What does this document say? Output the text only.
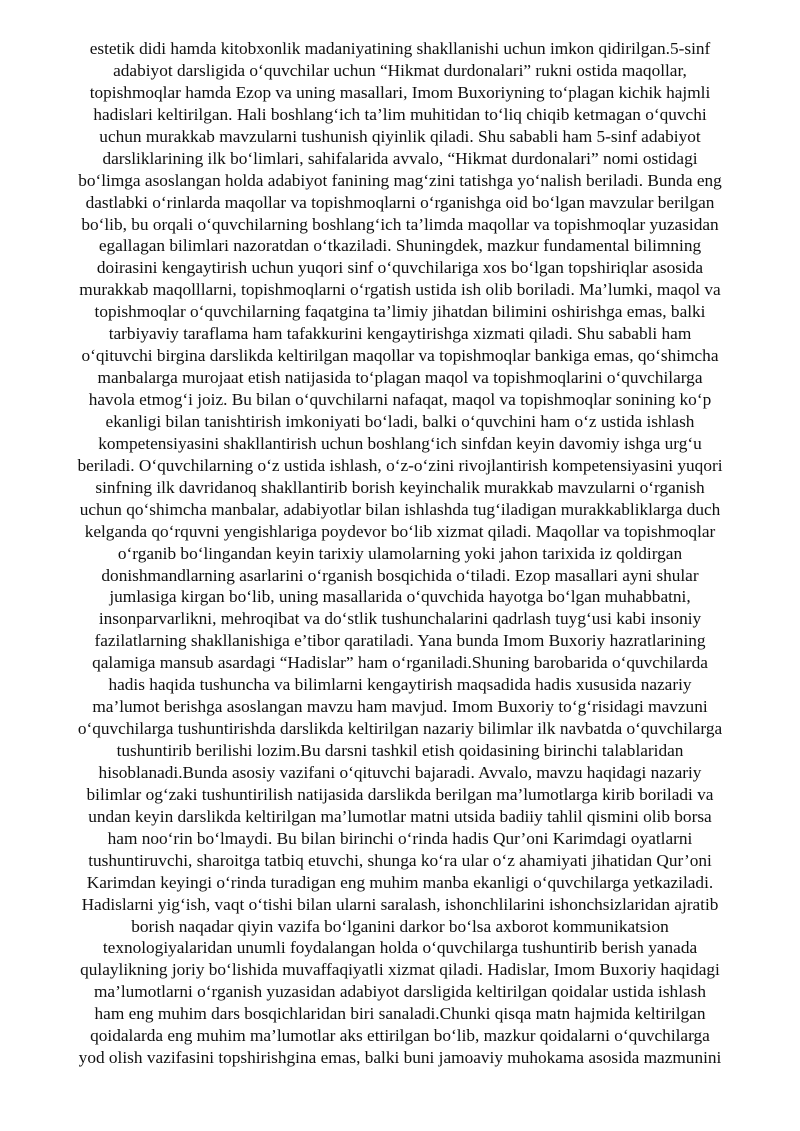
estetik didi hamda kitobxonlik madaniyatining shakllanishi uchun imkon qidirilgan.5-sinf

adabiyot darsligida o‘quvchilar uchun “Hikmat durdonalari” rukni ostida maqollar,

topishmoqlar hamda Ezop va uning masallari, Imom Buxoriyning to‘plagan kichik hajmli

hadislari keltirilgan. Hali boshlang‘ich ta’lim muhitidan to‘liq chiqib ketmagan o‘quvchi

uchun murakkab mavzularni tushunish qiyinlik qiladi. Shu sababli ham 5-sinf adabiyot

darsliklarining ilk bo‘limlari, sahifalarida avvalo, “Hikmat durdonalari” nomi ostidagi

bo‘limga asoslangan holda adabiyot fanining mag‘zini tatishga yo‘nalish beriladi. Bunda eng

dastlabki o‘rinlarda maqollar va topishmoqlarni o‘rganishga oid bo‘lgan mavzular berilgan

bo‘lib, bu orqali o‘quvchilarning boshlang‘ich ta’limda maqollar va topishmoqlar yuzasidan

egallagan bilimlari nazoratdan o‘tkaziladi. Shuningdek, mazkur fundamental bilimning

doirasini kengaytirish uchun yuqori sinf o‘quvchilariga xos bo‘lgan topshiriqlar asosida

murakkab maqolllarni, topishmoqlarni o‘rgatish ustida ish olib boriladi. Ma’lumki, maqol va

topishmoqlar o‘quvchilarning faqatgina ta’limiy jihatdan bilimini oshirishga emas, balki

tarbiyaviy taraflama ham tafakkurini kengaytirishga xizmati qiladi. Shu sababli ham

o‘qituvchi birgina darslikda keltirilgan maqollar va topishmoqlar bankiga emas, qo‘shimcha

manbalarga murojaat etish natijasida to‘plagan maqol va topishmoqlarini o‘quvchilarga

havola etmog‘i joiz. Bu bilan o‘quvchilarni nafaqat, maqol va topishmoqlar sonining ko‘p

ekanligi bilan tanishtirish imkoniyati bo‘ladi, balki o‘quvchini ham o‘z ustida ishlash

kompetensiyasini shakllantirish uchun boshlang‘ich sinfdan keyin davomiy ishga urg‘u

beriladi. O‘quvchilarning o‘z ustida ishlash, o‘z-o‘zini rivojlantirish kompetensiyasini yuqori

sinfning ilk davridanoq shakllantirib borish keyinchalik murakkab mavzularni o‘rganish

uchun qo‘shimcha manbalar, adabiyotlar bilan ishlashda tug‘iladigan murakkabliklarga duch

kelganda qo‘rquvni yengishlariga poydevor bo‘lib xizmat qiladi. Maqollar va topishmoqlar

o‘rganib bo‘lingandan keyin tarixiy ulamolarning yoki jahon tarixida iz qoldirgan

donishmandlarning asarlarini o‘rganish bosqichida o‘tiladi. Ezop masallari ayni shular

jumlasiga kirgan bo‘lib, uning masallarida o‘quvchida hayotga bo‘lgan muhabbatni,

insonparvarlikni, mehroqibat va do‘stlik tushunchalarini qadrlash tuyg‘usi kabi insoniy

fazilatlarning shakllanishiga e’tibor qaratiladi. Yana bunda Imom Buxoriy hazratlarining

qalamiga mansub asardagi “Hadislar” ham o‘rganiladi.Shuning barobarida o‘quvchilarda

hadis haqida tushuncha va bilimlarni kengaytirish maqsadida hadis xususida nazariy

ma’lumot berishga asoslangan mavzu ham mavjud. Imom Buxoriy to‘g‘risidagi mavzuni

o‘quvchilarga tushuntirishda darslikda keltirilgan nazariy bilimlar ilk navbatda o‘quvchilarga

tushuntirib berilishi lozim.Bu darsni tashkil etish qoidasining birinchi talablaridan

hisoblanadi.Bunda asosiy vazifani o‘qituvchi bajaradi. Avvalo, mavzu haqidagi nazariy

bilimlar og‘zaki tushuntirilish natijasida darslikda berilgan ma’lumotlarga kirib boriladi va

undan keyin darslikda keltirilgan ma’lumotlar matni utsida badiiy tahlil qismini olib borsa

ham noo‘rin bo‘lmaydi. Bu bilan birinchi o‘rinda hadis Qur’oni Karimdagi oyatlarni

tushuntiruvchi, sharoitga tatbiq etuvchi, shunga ko‘ra ular o‘z ahamiyati jihatidan Qur’oni

Karimdan keyingi o‘rinda turadigan eng muhim manba ekanligi o‘quvchilarga yetkaziladi.

Hadislarni yig‘ish, vaqt o‘tishi bilan ularni saralash, ishonchlilarini ishonchsizlaridan ajratib

borish naqadar qiyin vazifa bo‘lganini darkor bo‘lsa axborot kommunikatsion

texnologiyalaridan unumli foydalangan holda o‘quvchilarga tushuntirib berish yanada

qulaylikning joriy bo‘lishida muvaffaqiyatli xizmat qiladi. Hadislar, Imom Buxoriy haqidagi

ma’lumotlarni o‘rganish yuzasidan adabiyot darsligida keltirilgan qoidalar ustida ishlash

ham eng muhim dars bosqichlaridan biri sanaladi.Chunki qisqa matn hajmida keltirilgan

qoidalarda eng muhim ma’lumotlar aks ettirilgan bo‘lib, mazkur qoidalarni o‘quvchilarga

yod olish vazifasini topshirishgina emas, balki buni jamoaviy muhokama asosida mazmunini
